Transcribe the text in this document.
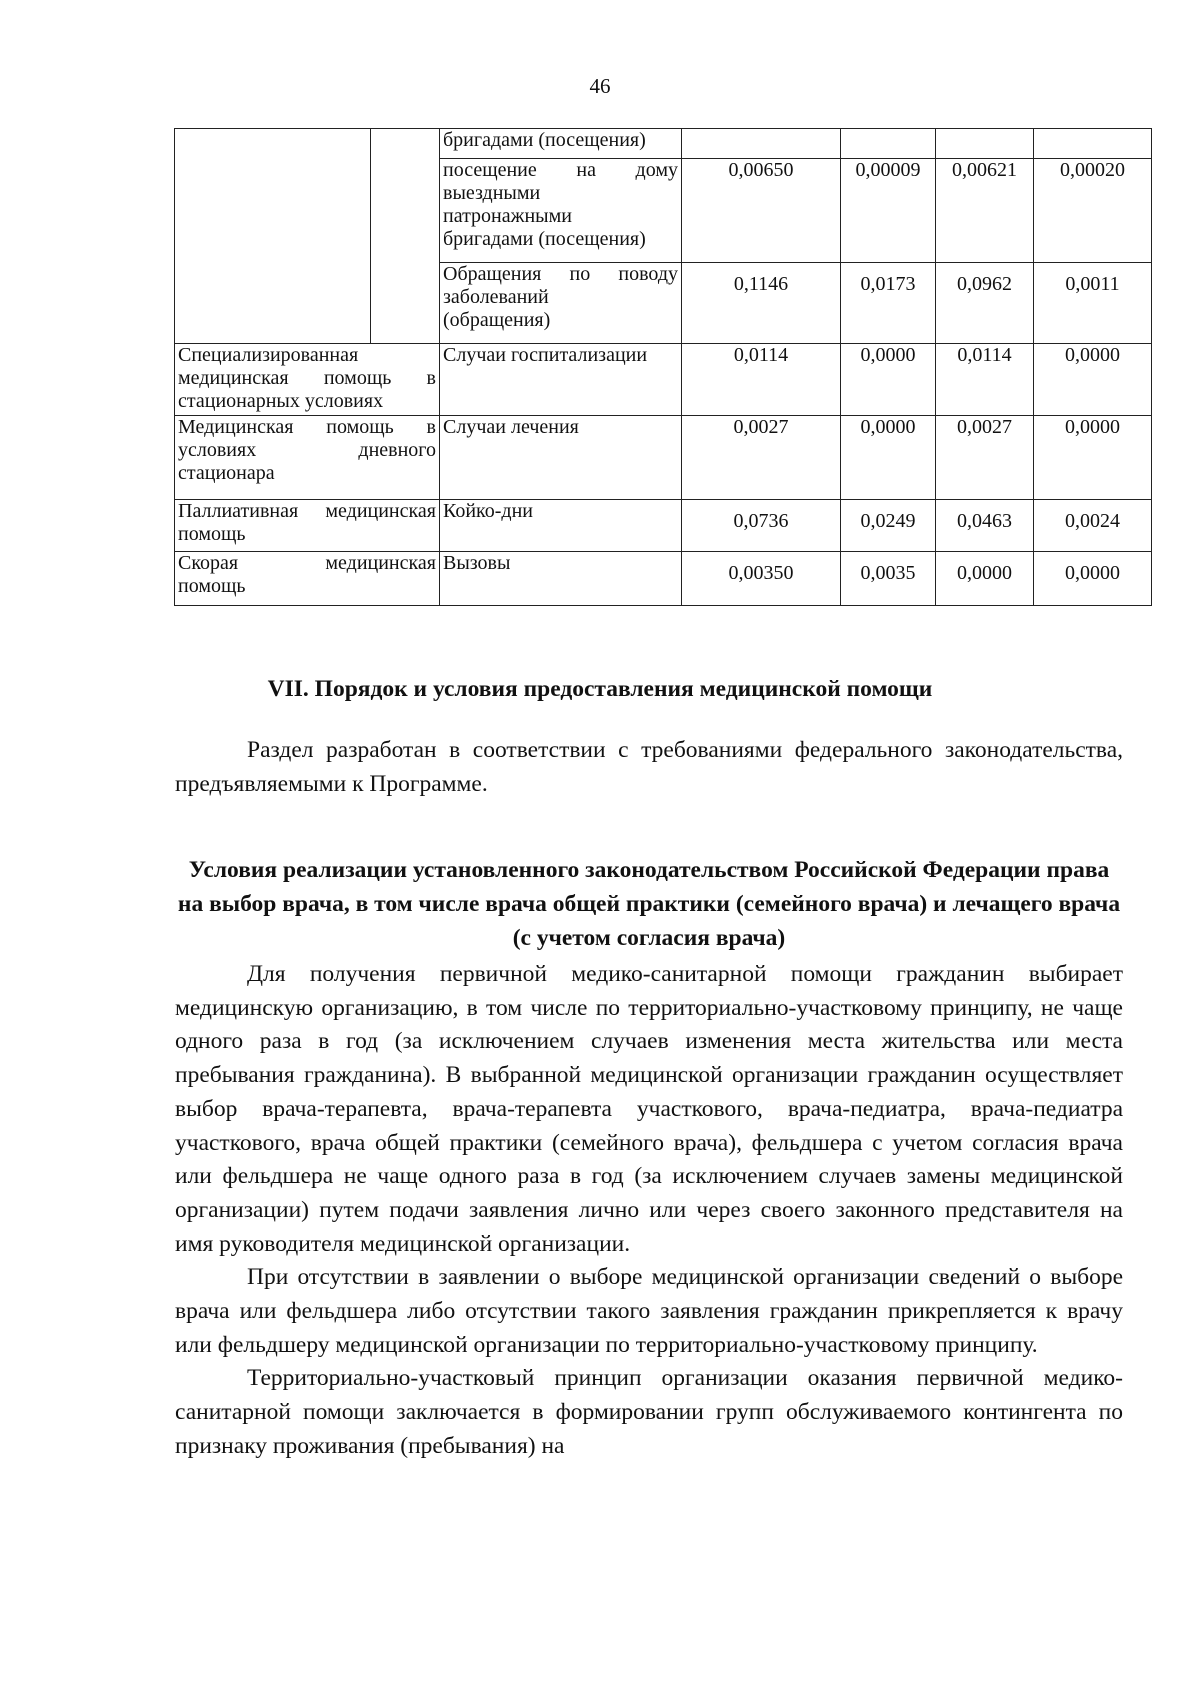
46
		бригадами (посещения)				

		посещение на дому
выездными
патронажными
бригадами (посещения)	0,00650	0,00009	0,00621	0,00020

		Обращения по поводу
заболеваний
(обращения)	0,1146	0,0173	0,0962	0,0011
Специализированная
медицинская помощь в
стационарных условиях		Случаи госпитализации	0,0114	0,0000	0,0114	0,0000

Медицинская помощь в
условиях дневного
стационара		Случаи лечения	0,0027	0,0000	0,0027	0,0000

Паллиативная медицинская
помощь		Койко-дни	0,0736	0,0249	0,0463	0,0024

Скорая медицинская
помощь		Вызовы	0,00350	0,0035	0,0000	0,0000
VII. Порядок и условия предоставления медицинской помощи

Раздел разработан в соответствии с требованиями федерального законодательства, предъявляемыми к Программе.

Условия реализации установленного законодательством Российской Федерации права на выбор врача, в том числе врача общей практики (семейного врача) и лечащего врача (с учетом согласия врача)

Для получения первичной медико-санитарной помощи гражданин выбирает медицинскую организацию, в том числе по территориально-участковому принципу, не чаще одного раза в год (за исключением случаев изменения места жительства или места пребывания гражданина). В выбранной медицинской организации гражданин осуществляет выбор врача-терапевта, врача-терапевта участкового, врача-педиатра, врача-педиатра участкового, врача общей практики (семейного врача), фельдшера с учетом согласия врача или фельдшера не чаще одного раза в год (за исключением случаев замены медицинской организации) путем подачи заявления лично или через своего законного представителя на имя руководителя медицинской организации.

При отсутствии в заявлении о выборе медицинской организации сведений о выборе врача или фельдшера либо отсутствии такого заявления гражданин прикрепляется к врачу или фельдшеру медицинской организации по территориально-участковому принципу.

Территориально-участковый принцип организации оказания первичной медико-санитарной помощи заключается в формировании групп обслуживаемого контингента по признаку проживания (пребывания) на
